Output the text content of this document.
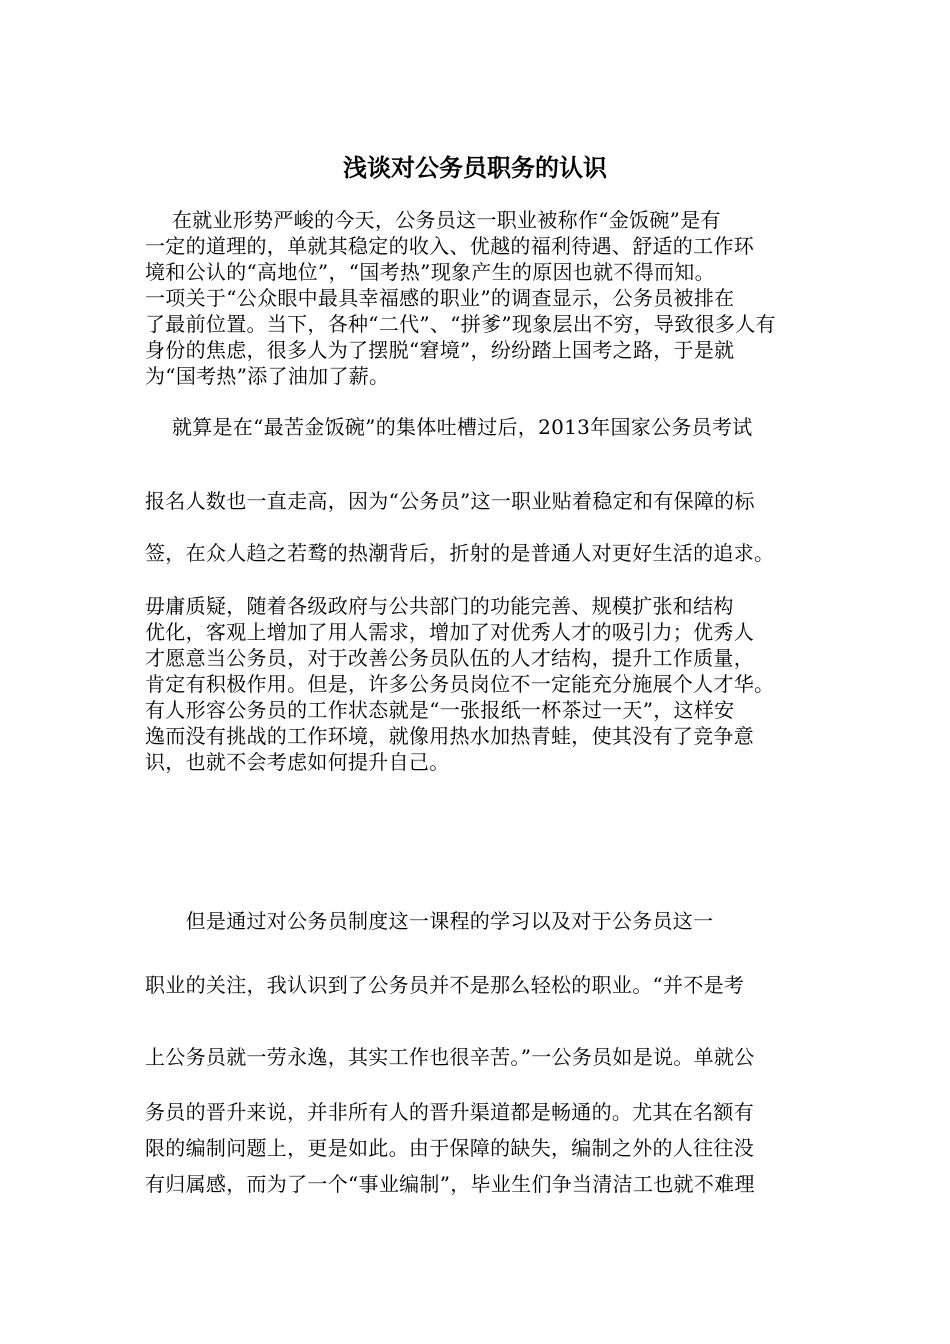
浅谈对公务员职务的认识
　 在就业形势严峻的今天，公务员这一职业被称作“金饭碗”是有
一定的道理的，单就其稳定的收入、优越的福利待遇、舒适的工作环
境和公认的“高地位”，“国考热”现象产生的原因也就不得而知。
一项关于“公众眼中最具幸福感的职业”的调查显示，公务员被排在
了最前位置。当下，各种“二代”、“拼爹”现象层出不穷，导致很多人有
身份的焦虑，很多人为了摆脱“窘境”，纷纷踏上国考之路，于是就
为“国考热”添了油加了薪。
　 就算是在“最苦金饭碗”的集体吐槽过后，2013年国家公务员考试
报名人数也一直走高，因为“公务员”这一职业贴着稳定和有保障的标
签，在众人趋之若鹜的热潮背后，折射的是普通人对更好生活的追求。
毋庸质疑，随着各级政府与公共部门的功能完善、规模扩张和结构
优化，客观上增加了用人需求，增加了对优秀人才的吸引力；优秀人
才愿意当公务员，对于改善公务员队伍的人才结构，提升工作质量，
肯定有积极作用。但是，许多公务员岗位不一定能充分施展个人才华。
有人形容公务员的工作状态就是“一张报纸一杯茶过一天”，这样安
逸而没有挑战的工作环境，就像用热水加热青蛙，使其没有了竞争意
识，也就不会考虑如何提升自己。
　　但是通过对公务员制度这一课程的学习以及对于公务员这一
职业的关注，我认识到了公务员并不是那么轻松的职业。“并不是考
上公务员就一劳永逸，其实工作也很辛苦。”一公务员如是说。单就公
务员的晋升来说，并非所有人的晋升渠道都是畅通的。尤其在名额有
限的编制问题上，更是如此。由于保障的缺失，编制之外的人往往没
有归属感，而为了一个“事业编制”，毕业生们争当清洁工也就不难理
